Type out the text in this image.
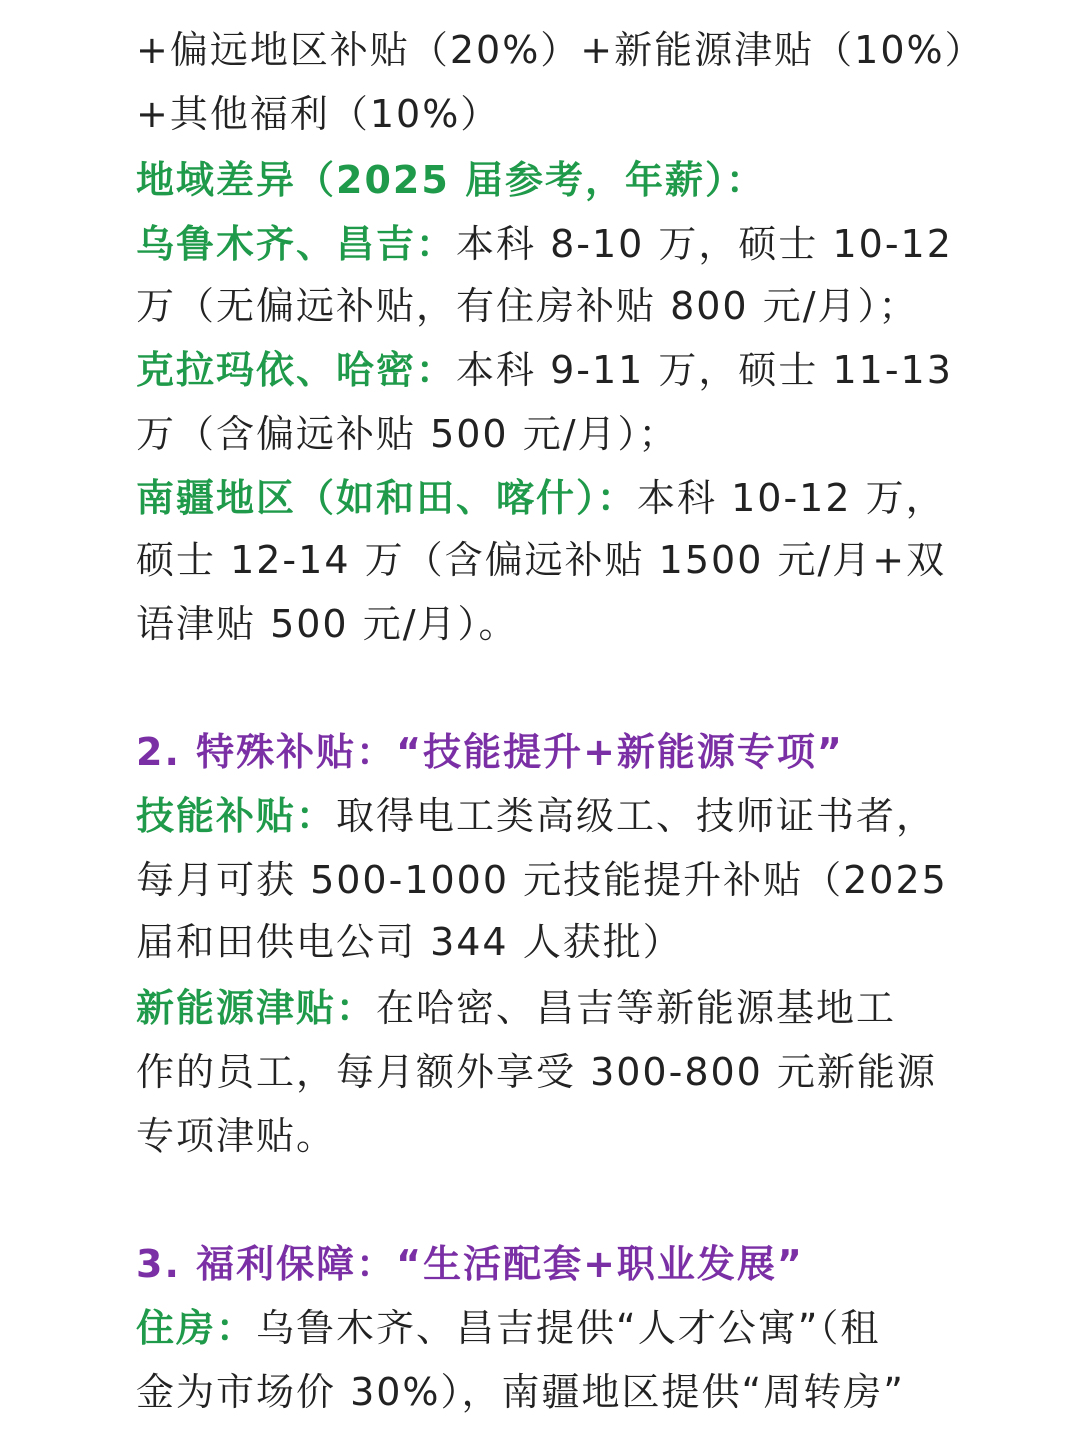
+偏远地区补贴（20%）+新能源津贴（10%）
+其他福利（10%）
地域差异（2025 届参考，年薪）：
乌鲁木齐、昌吉：本科 8-10 万，硕士 10-12
万（无偏远补贴，有住房补贴 800 元/月）；
克拉玛依、哈密：本科 9-11 万，硕士 11-13
万（含偏远补贴 500 元/月）；
南疆地区（如和田、喀什）：本科 10-12 万，
硕士 12-14 万（含偏远补贴 1500 元/月+双
语津贴 500 元/月）。
2. 特殊补贴：“技能提升+新能源专项”
技能补贴：取得电工类高级工、技师证书者，
每月可获 500-1000 元技能提升补贴（2025
届和田供电公司 344 人获批）
新能源津贴：在哈密、昌吉等新能源基地工
作的员工，每月额外享受 300-800 元新能源
专项津贴。
3. 福利保障：“生活配套+职业发展”
住房：乌鲁木齐、昌吉提供“人才公寓”（租
金为市场价 30%），南疆地区提供“周转房”
